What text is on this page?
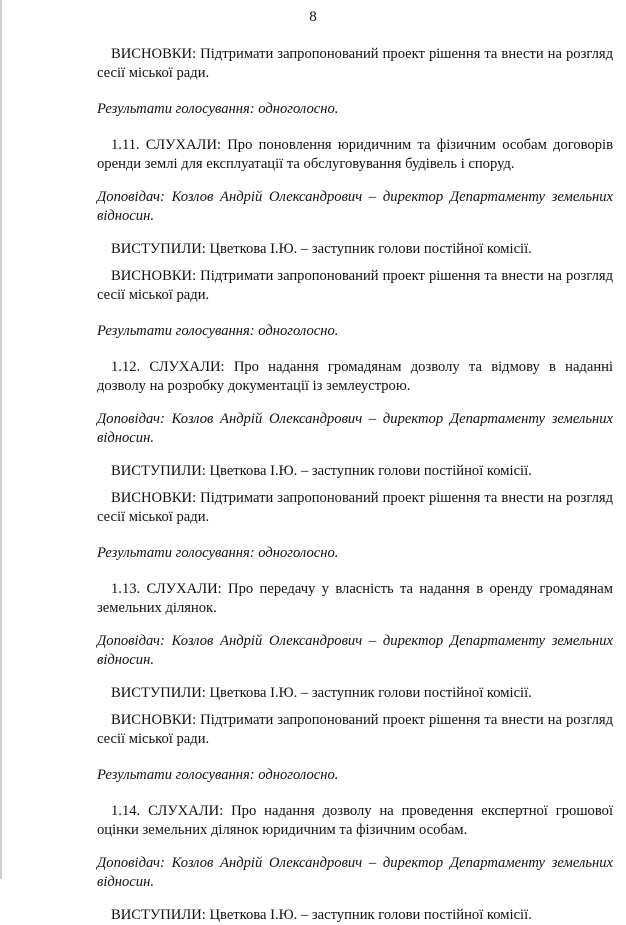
8

ВИСНОВКИ: Підтримати запропонований проект рішення та внести на розгляд сесії міської ради.

Результати голосування: одноголосно.

1.11. СЛУХАЛИ: Про поновлення юридичним та фізичним особам договорів оренди землі для експлуатації та обслуговування будівель і споруд.

Доповідач: Козлов Андрій Олександрович – директор Департаменту земельних відносин.

ВИСТУПИЛИ: Цветкова І.Ю. – заступник голови постійної комісії.

ВИСНОВКИ: Підтримати запропонований проект рішення та внести на розгляд сесії міської ради.

Результати голосування: одноголосно.

1.12. СЛУХАЛИ: Про надання громадянам дозволу та відмову в наданні дозволу на розробку документації із землеустрою.

Доповідач: Козлов Андрій Олександрович – директор Департаменту земельних відносин.

ВИСТУПИЛИ: Цветкова І.Ю. – заступник голови постійної комісії.

ВИСНОВКИ: Підтримати запропонований проект рішення та внести на розгляд сесії міської ради.

Результати голосування: одноголосно.

1.13. СЛУХАЛИ: Про передачу у власність та надання в оренду громадянам земельних ділянок.

Доповідач: Козлов Андрій Олександрович – директор Департаменту земельних відносин.

ВИСТУПИЛИ: Цветкова І.Ю. – заступник голови постійної комісії.

ВИСНОВКИ: Підтримати запропонований проект рішення та внести на розгляд сесії міської ради.

Результати голосування: одноголосно.

1.14. СЛУХАЛИ: Про надання дозволу на проведення експертної грошової оцінки земельних ділянок юридичним та фізичним особам.

Доповідач: Козлов Андрій Олександрович – директор Департаменту земельних відносин.

ВИСТУПИЛИ: Цветкова І.Ю. – заступник голови постійної комісії.
